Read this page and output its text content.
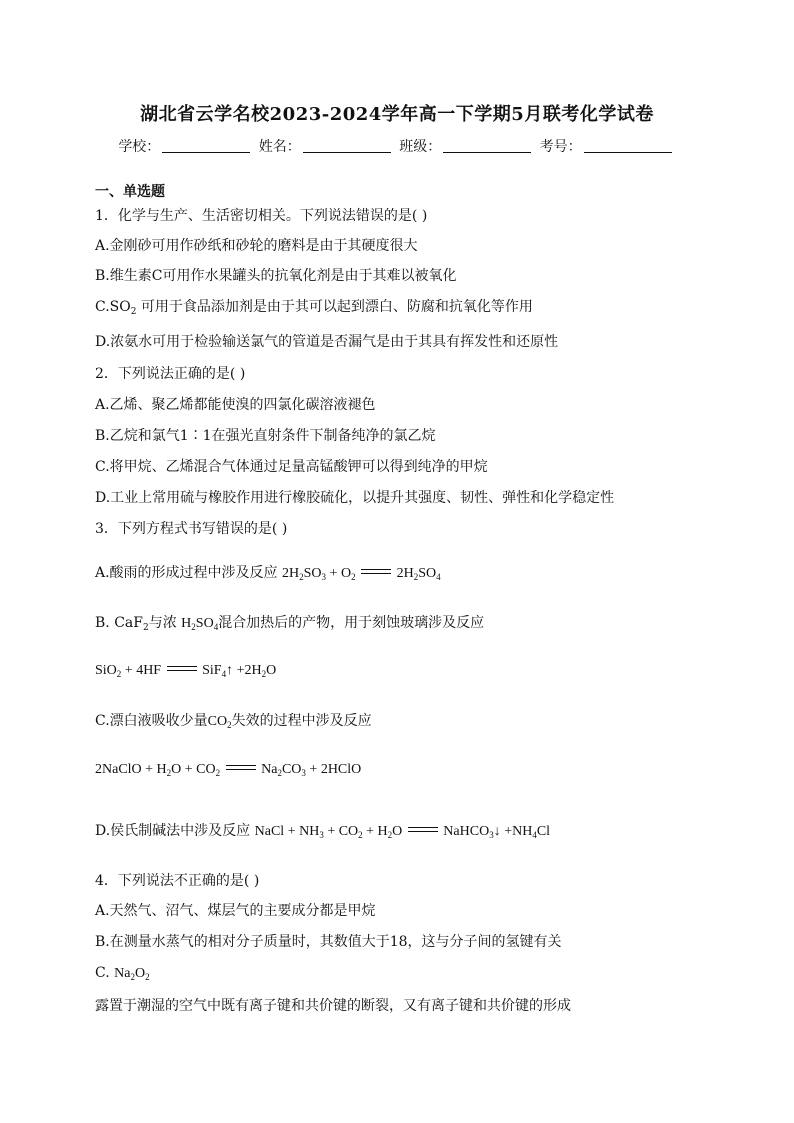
湖北省云学名校2023-2024学年高一下学期5月联考化学试卷
学校：	姓名：	班级：	考号：
一、单选题
1．化学与生产、生活密切相关。下列说法错误的是( )
A.金刚砂可用作砂纸和砂轮的磨料是由于其硬度很大
B.维生素C可用作水果罐头的抗氧化剂是由于其难以被氧化
$C.SO_2$ 可用于食品添加剂是由于其可以起到漂白、防腐和抗氧化等作用
D.浓氨水可用于检验输送氯气的管道是否漏气是由于其具有挥发性和还原性
2．下列说法正确的是( )
A.乙烯、聚乙烯都能使溴的四氯化碳溶液褪色
B.乙烷和氯气1∶1在强光直射条件下制备纯净的氯乙烷
C.将甲烷、乙烯混合气体通过足量高锰酸钾可以得到纯净的甲烷
D.工业上常用硫与橡胶作用进行橡胶硫化，以提升其强度、韧性、弹性和化学稳定性
3．下列方程式书写错误的是( )
A.酸雨的形成过程中涉及反应 $2H_2SO_3 + O_2$	$2H_2SO_4$
B. CaF$_2$与浓 $H_2SO_4$混合加热后的产物，用于刻蚀玻璃涉及反应
SiO$_2$ + 4HF  SiF$_4$↑ $+2H_2O$
C.漂白液吸收少量$CO_2$失效的过程中涉及反应
2NaClO + $H_2O + CO_2$	$Na_2CO_3$ + 2HClO
D.侯氏制碱法中涉及反应 NaCl + $NH_3 + CO_2 + H_2O$  NaHCO$_3$↓ $+NH_4Cl$
4．下列说法不正确的是( )
A.天然气、沼气、煤层气的主要成分都是甲烷
B.在测量水蒸气的相对分子质量时，其数值大于18，这与分子间的氢键有关
C. $Na_2O_2$
露置于潮湿的空气中既有离子键和共价键的断裂，又有离子键和共价键的形成
